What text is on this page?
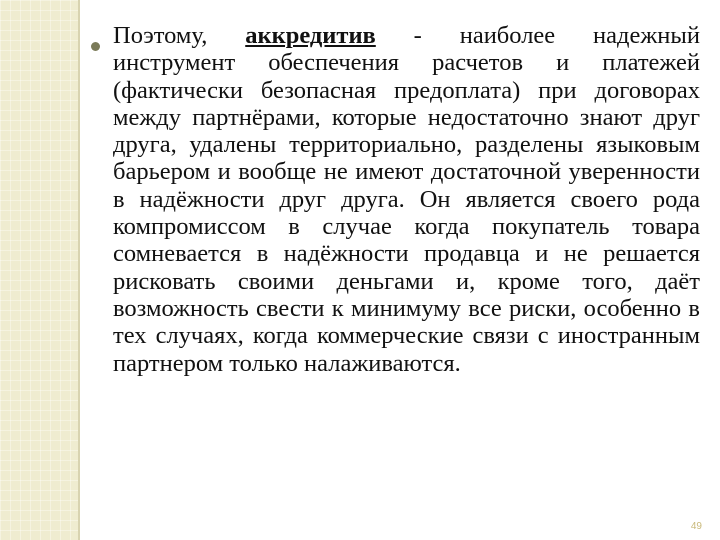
Поэтому, аккредитив - наиболее надежный инструмент обеспечения расчетов и платежей (фактически безопасная предоплата) при договорах между партнёрами, которые недостаточно знают друг друга, удалены территориально, разделены языковым барьером и вообще не имеют достаточной уверенности в надёжности друг друга. Он является своего рода компромиссом в случае когда покупатель товара сомневается в надёжности продавца и не решается рисковать своими деньгами и, кроме того, даёт возможность свести к минимуму все риски, особенно в тех случаях, когда коммерческие связи с иностранным партнером только налаживаются.

49
